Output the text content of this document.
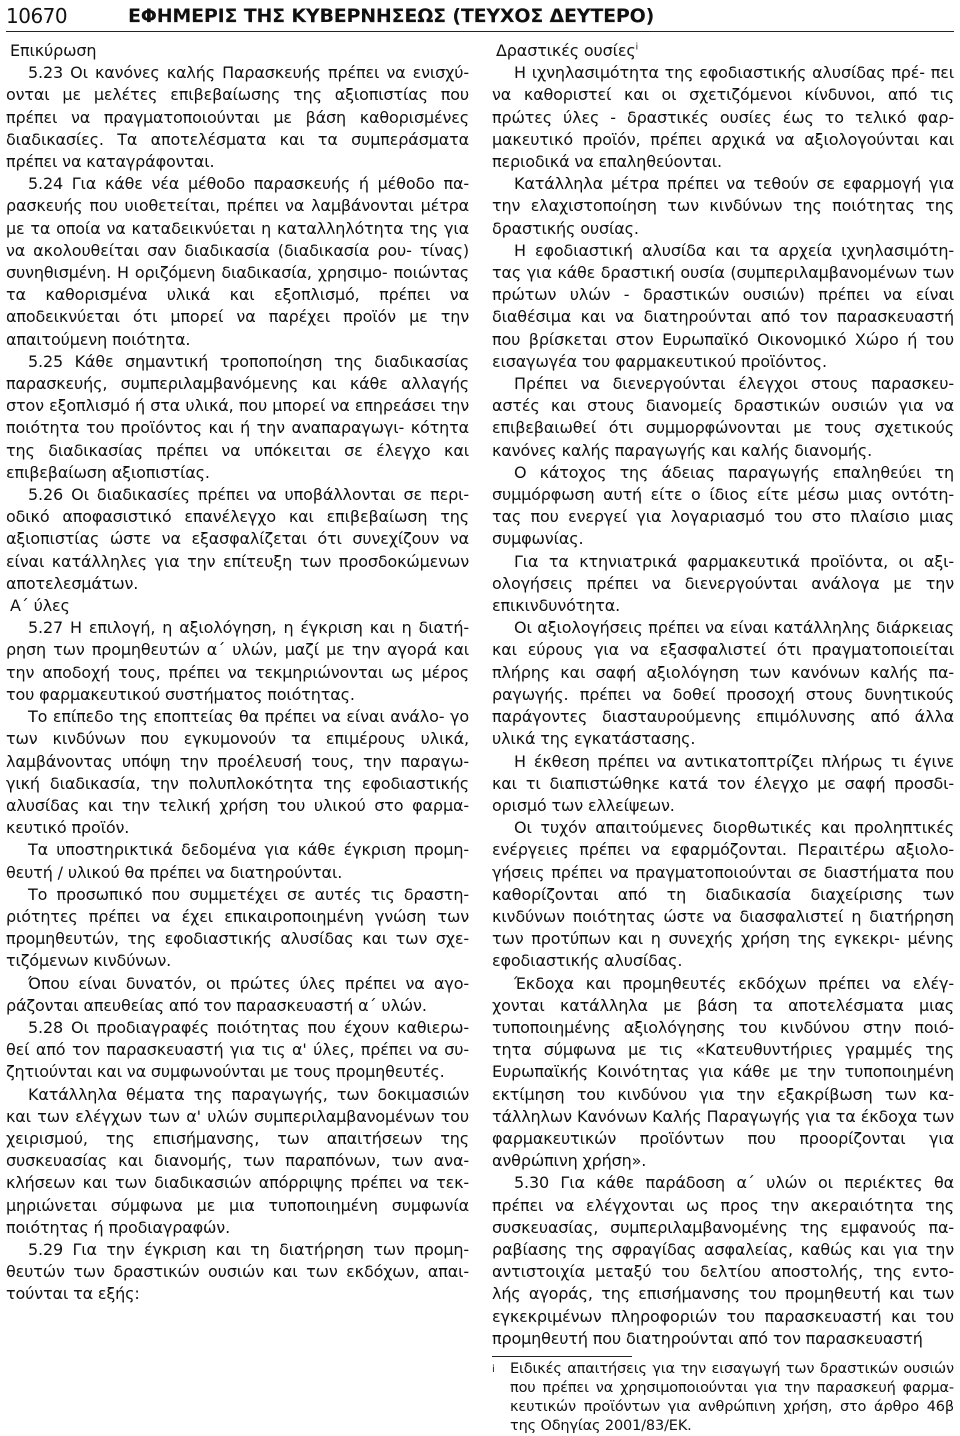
10670	ΕΦΗΜΕΡΙΣ ΤΗΣ ΚΥΒΕΡΝΗΣΕΩΣ (ΤΕΥΧΟΣ ΔΕΥΤΕΡΟ)

Επικύρωση

5.23 Οι κανόνες καλής Παρασκευής πρέπει να ενισχύ- ονται με μελέτες επιβεβαίωσης της αξιοπιστίας που πρέπει να πραγματοποιούνται με βάση καθορισμένες διαδικασίες. Τα αποτελέσματα και τα συμπεράσματα πρέπει να καταγράφονται.

5.24 Για κάθε νέα μέθοδο παρασκευής ή μέθοδο πα- ρασκευής που υιοθετείται, πρέπει να λαμβάνονται μέτρα με τα οποία να καταδεικνύεται η καταλληλότητα της για να ακολουθείται σαν διαδικασία (διαδικασία ρου- τίνας) συνηθισμένη. Η οριζόμενη διαδικασία, χρησιμο- ποιώντας τα καθορισμένα υλικά και εξοπλισμό, πρέπει να αποδεικνύεται ότι μπορεί να παρέχει προϊόν με την απαιτούμενη ποιότητα.

5.25 Κάθε σημαντική τροποποίηση της διαδικασίας παρασκευής, συμπεριλαμβανόμενης και κάθε αλλαγής στον εξοπλισμό ή στα υλικά, που μπορεί να επηρεάσει την ποιότητα του προϊόντος και ή την αναπαραγωγι- κότητα της διαδικασίας πρέπει να υπόκειται σε έλεγχο και επιβεβαίωση αξιοπιστίας.

5.26 Οι διαδικασίες πρέπει να υποβάλλονται σε περι- οδικό αποφασιστικό επανέλεγχο και επιβεβαίωση της αξιοπιστίας ώστε να εξασφαλίζεται ότι συνεχίζουν να είναι κατάλληλες για την επίτευξη των προσδοκώμενων αποτελεσμάτων.

Α΄ ύλες

5.27 Η επιλογή, η αξιολόγηση, η έγκριση και η διατή- ρηση των προμηθευτών α΄ υλών, μαζί με την αγορά και την αποδοχή τους, πρέπει να τεκμηριώνονται ως μέρος του φαρμακευτικού συστήματος ποιότητας.

Το επίπεδο της εποπτείας θα πρέπει να είναι ανάλο- γο των κινδύνων που εγκυμονούν τα επιμέρους υλικά, λαμβάνοντας υπόψη την προέλευσή τους, την παραγω- γική διαδικασία, την πολυπλοκότητα της εφοδιαστικής αλυσίδας και την τελική χρήση του υλικού στο φαρμα- κευτικό προϊόν.

Τα υποστηρικτικά δεδομένα για κάθε έγκριση προμη- θευτή / υλικού θα πρέπει να διατηρούνται.

Το προσωπικό που συμμετέχει σε αυτές τις δραστη- ριότητες πρέπει να έχει επικαιροποιημένη γνώση των προμηθευτών, της εφοδιαστικής αλυσίδας και των σχε- τιζόμενων κινδύνων.

Όπου είναι δυνατόν, οι πρώτες ύλες πρέπει να αγο- ράζονται απευθείας από τον παρασκευαστή α΄ υλών.

5.28 Οι προδιαγραφές ποιότητας που έχουν καθιερω- θεί από τον παρασκευαστή για τις α' ύλες, πρέπει να συ- ζητιούνται και να συμφωνούνται με τους προμηθευτές.

Κατάλληλα θέματα της παραγωγής, των δοκιμασιών και των ελέγχων των α' υλών συμπεριλαμβανομένων του χειρισμού, της επισήμανσης, των απαιτήσεων της συσκευασίας και διανομής, των παραπόνων, των ανα- κλήσεων και των διαδικασιών απόρριψης πρέπει να τεκ- μηριώνεται σύμφωνα με μια τυποποιημένη συμφωνία ποιότητας ή προδιαγραφών.

5.29 Για την έγκριση και τη διατήρηση των προμη- θευτών των δραστικών ουσιών και των εκδόχων, απαι- τούνται τα εξής:

Δραστικές ουσίες$^i$

Η ιχνηλασιμότητα της εφοδιαστικής αλυσίδας πρέ- πει να καθοριστεί και οι σχετιζόμενοι κίνδυνοι, από τις πρώτες ύλες - δραστικές ουσίες έως το τελικό φαρ- μακευτικό προϊόν, πρέπει αρχικά να αξιολογούνται και περιοδικά να επαληθεύονται.

Κατάλληλα μέτρα πρέπει να τεθούν σε εφαρμογή για την ελαχιστοποίηση των κινδύνων της ποιότητας της δραστικής ουσίας.

Η εφοδιαστική αλυσίδα και τα αρχεία ιχνηλασιμότη- τας για κάθε δραστική ουσία (συμπεριλαμβανομένων των πρώτων υλών - δραστικών ουσιών) πρέπει να είναι διαθέσιμα και να διατηρούνται από τον παρασκευαστή που βρίσκεται στον Ευρωπαϊκό Οικονομικό Χώρο ή του εισαγωγέα του φαρμακευτικού προϊόντος.

Πρέπει να διενεργούνται έλεγχοι στους παρασκευ- αστές και στους διανομείς δραστικών ουσιών για να επιβεβαιωθεί ότι συμμορφώνονται με τους σχετικούς κανόνες καλής παραγωγής και καλής διανομής.

Ο κάτοχος της άδειας παραγωγής επαληθεύει τη συμμόρφωση αυτή είτε ο ίδιος είτε μέσω μιας οντότη- τας που ενεργεί για λογαριασμό του στο πλαίσιο μιας συμφωνίας.

Για τα κτηνιατρικά φαρμακευτικά προϊόντα, οι αξι- ολογήσεις πρέπει να διενεργούνται ανάλογα με την επικινδυνότητα.

Οι αξιολογήσεις πρέπει να είναι κατάλληλης διάρκειας και εύρους για να εξασφαλιστεί ότι πραγματοποιείται πλήρης και σαφή αξιολόγηση των κανόνων καλής πα- ραγωγής. πρέπει να δοθεί προσοχή στους δυνητικούς παράγοντες διασταυρούμενης επιμόλυνσης από άλλα υλικά της εγκατάστασης.

Η έκθεση πρέπει να αντικατοπτρίζει πλήρως τι έγινε και τι διαπιστώθηκε κατά τον έλεγχο με σαφή προσδι- ορισμό των ελλείψεων.

Οι τυχόν απαιτούμενες διορθωτικές και προληπτικές ενέργειες πρέπει να εφαρμόζονται. Περαιτέρω αξιολο- γήσεις πρέπει να πραγματοποιούνται σε διαστήματα που καθορίζονται από τη διαδικασία διαχείρισης των κινδύνων ποιότητας ώστε να διασφαλιστεί η διατήρηση των προτύπων και η συνεχής χρήση της εγκεκρι- μένης εφοδιαστικής αλυσίδας.

Έκδοχα και προμηθευτές εκδόχων πρέπει να ελέγ- χονται κατάλληλα με βάση τα αποτελέσματα μιας τυποποιημένης αξιολόγησης του κινδύνου στην ποιό- τητα σύμφωνα με τις «Κατευθυντήριες γραμμές της Ευρωπαϊκής Κοινότητας για κάθε με την τυποποιημένη εκτίμηση του κινδύνου για την εξακρίβωση των κα- τάλληλων Κανόνων Καλής Παραγωγής για τα έκδοχα των φαρμακευτικών προϊόντων που προορίζονται για ανθρώπινη χρήση».

5.30 Για κάθε παράδοση α΄ υλών οι περιέκτες θα πρέπει να ελέγχονται ως προς την ακεραιότητα της συσκευασίας, συμπεριλαμβανομένης της εμφανούς πα- ραβίασης της σφραγίδας ασφαλείας, καθώς και για την αντιστοιχία μεταξύ του δελτίου αποστολής, της εντο- λής αγοράς, της επισήμανσης του προμηθευτή και των εγκεκριμένων πληροφοριών του παρασκευαστή και του προμηθευτή που διατηρούνται από τον παρασκευαστή

i Ειδικές απαιτήσεις για την εισαγωγή των δραστικών ουσιών που πρέπει να χρησιμοποιούνται για την παρασκευή φαρμα- κευτικών προϊόντων για ανθρώπινη χρήση, στο άρθρο 46β της Οδηγίας 2001/83/ΕΚ.
